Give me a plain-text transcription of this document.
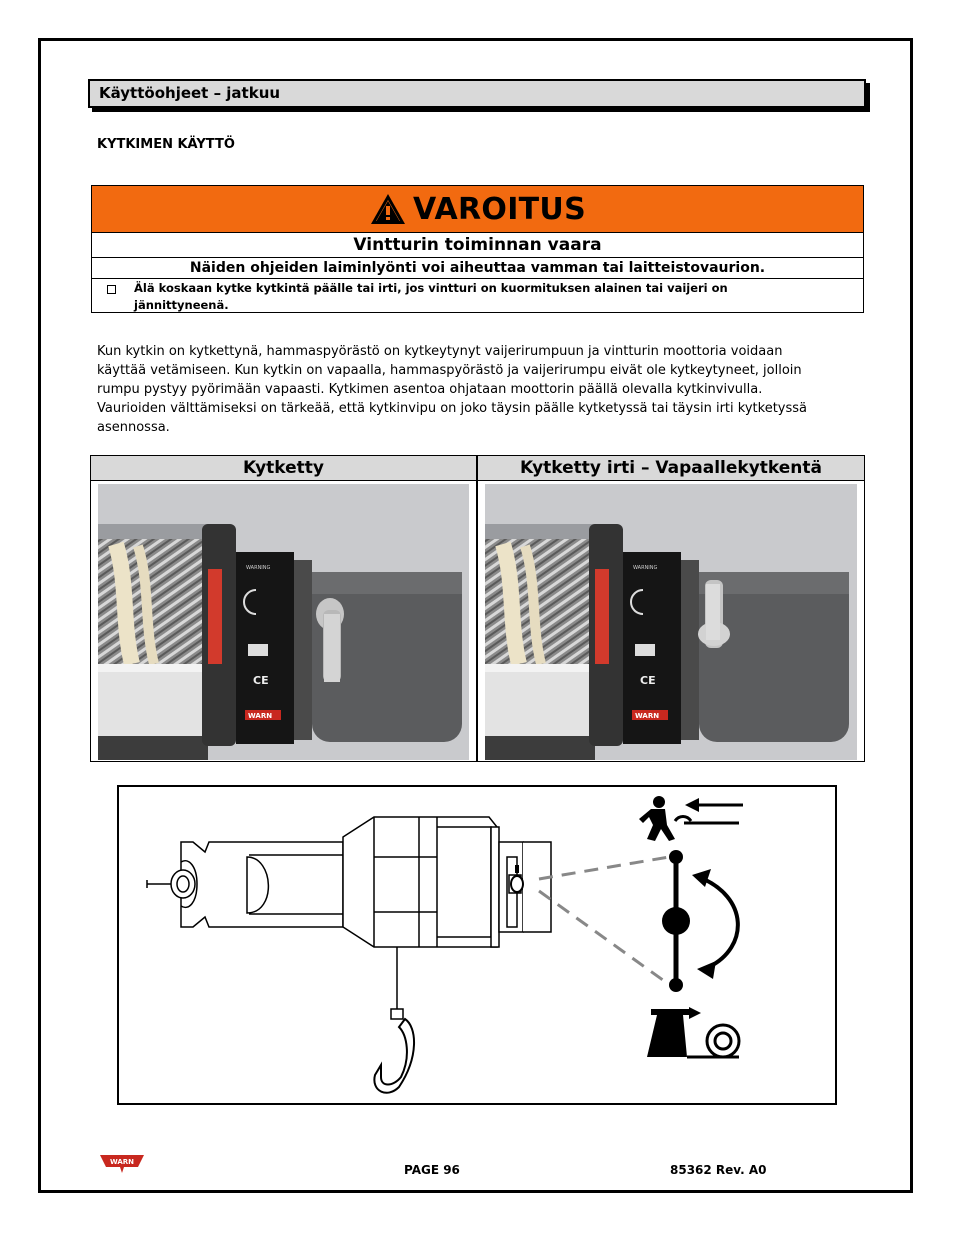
Käyttöohjeet – jatkuu
KYTKIMEN KÄYTTÖ
VAROITUS
Vintturin toiminnan vaara
Näiden ohjeiden laiminlyönti voi aiheuttaa vamman tai laitteistovaurion.
Älä koskaan kytke kytkintä päälle tai irti, jos vintturi on kuormituksen alainen tai vaijeri on
jännittyneenä.
Kun kytkin on kytkettynä, hammaspyörästö on kytkeytynyt vaijerirumpuun ja vintturin moottoria voidaan
käyttää vetämiseen. Kun kytkin on vapaalla, hammaspyörästö ja vaijerirumpu eivät ole kytkeytyneet, jolloin
rumpu pystyy pyörimään vapaasti. Kytkimen asentoa ohjataan moottorin päällä olevalla kytkinvivulla.
Vaurioiden välttämiseksi on tärkeää, että kytkinvipu on joko täysin päälle kytketyssä tai täysin irti kytketyssä
asennossa.
Kytketty
WARNING
CE
WARN
Kytketty irti – Vapaallekytkentä
WARNING
CE
WARN
WARN
PAGE 96	85362 Rev. A0
